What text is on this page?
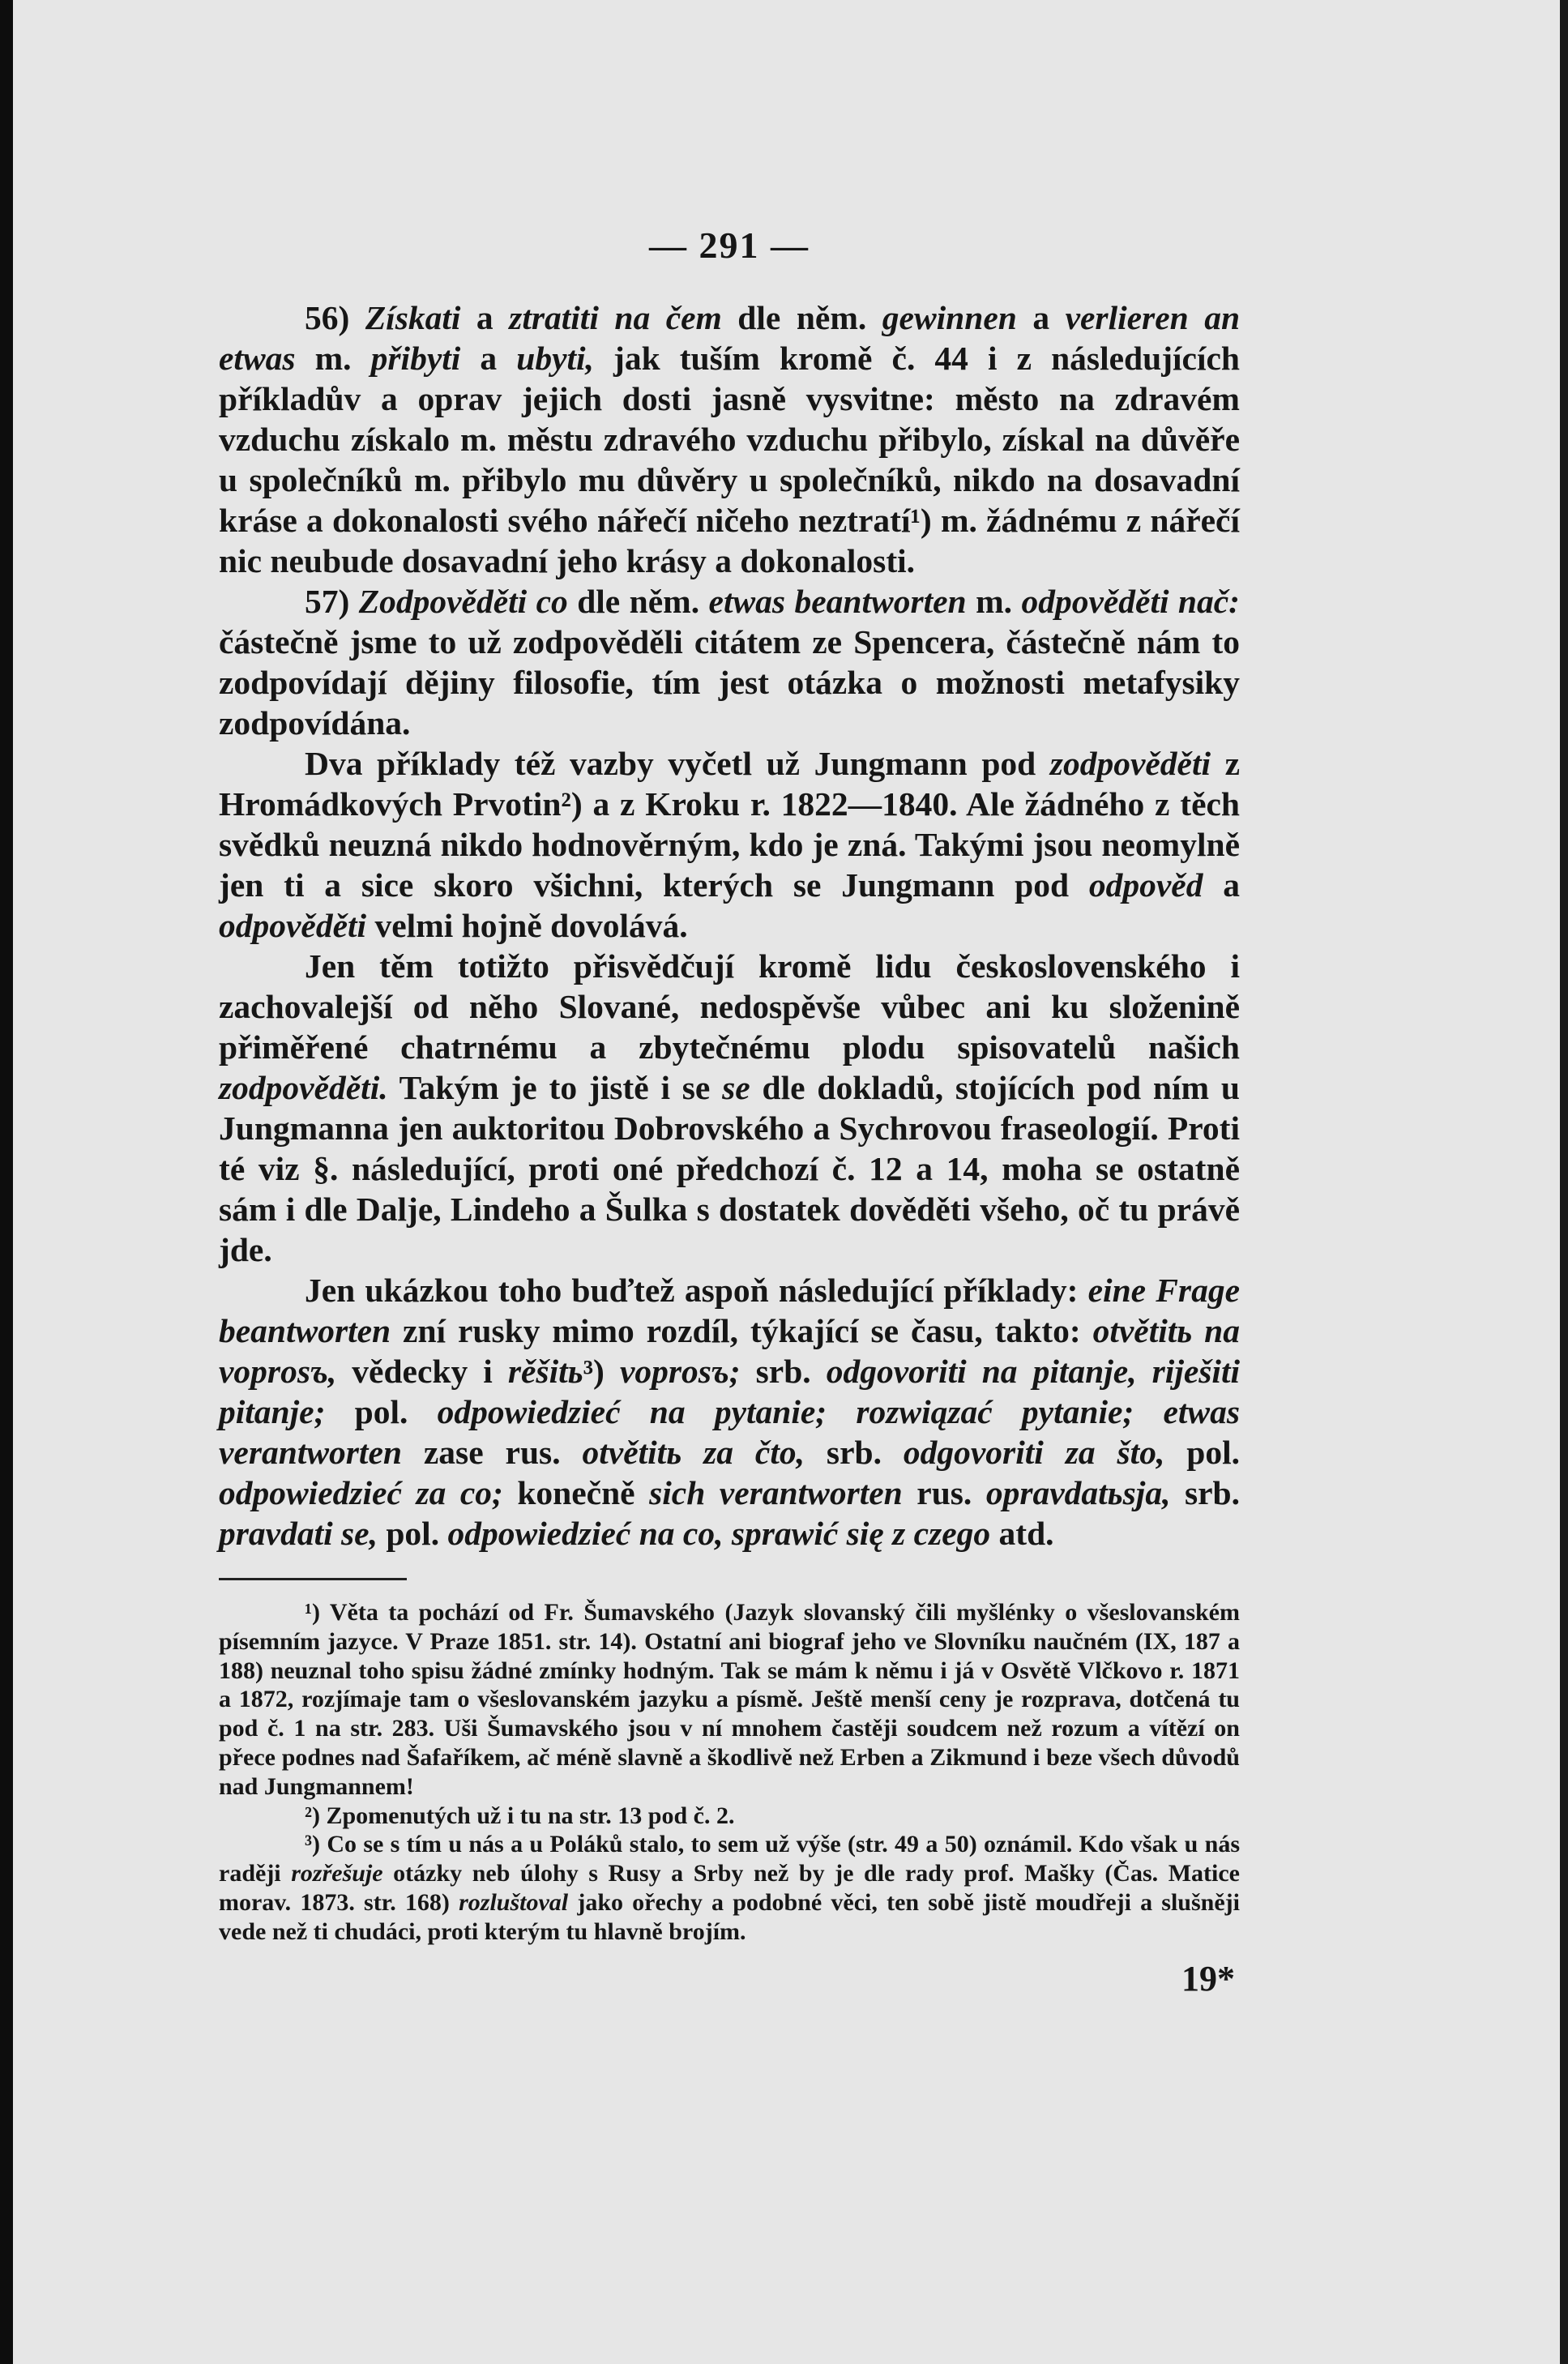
— 291 —

56) Získati a ztratiti na čem dle něm. gewinnen a verlieren an etwas m. přibyti a ubyti, jak tuším kromě č. 44 i z následujících příkladův a oprav jejich dosti jasně vysvitne: město na zdravém vzduchu získalo m. městu zdravého vzduchu přibylo, získal na důvěře u společníků m. přibylo mu důvěry u společníků, nikdo na dosavadní kráse a dokonalosti svého nářečí ničeho neztratí¹) m. žádnému z nářečí nic neubude dosavadní jeho krásy a dokonalosti.

57) Zodpověděti co dle něm. etwas beantworten m. odpověděti nač: částečně jsme to už zodpověděli citátem ze Spencera, částečně nám to zodpovídají dějiny filosofie, tím jest otázka o možnosti metafysiky zodpovídána.

Dva příklady též vazby vyčetl už Jungmann pod zodpověděti z Hromádkových Prvotin²) a z Kroku r. 1822—1840. Ale žádného z těch svědků neuzná nikdo hodnověrným, kdo je zná. Takými jsou neomylně jen ti a sice skoro všichni, kterých se Jungmann pod odpověd a odpověděti velmi hojně dovolává.

Jen těm totižto přisvědčují kromě lidu československého i zachovalejší od něho Slované, nedospěvše vůbec ani ku složenině přiměřené chatrnému a zbytečnému plodu spisovatelů našich zodpověděti. Takým je to jistě i se se dle dokladů, stojících pod ním u Jungmanna jen auktoritou Dobrovského a Sychrovou fraseologií. Proti té viz §. následující, proti oné předchozí č. 12 a 14, moha se ostatně sám i dle Dalje, Lindeho a Šulka s dostatek dověděti všeho, oč tu právě jde.

Jen ukázkou toho buďtež aspoň následující příklady: eine Frage beantworten zní rusky mimo rozdíl, týkající se času, takto: otvětitь na voprosъ, vědecky i rěšitь³) voprosъ; srb. odgovoriti na pitanje, riješiti pitanje; pol. odpowiedzieć na pytanie; rozwiązać pytanie; etwas verantworten zase rus. otvětitь za čto, srb. odgovoriti za što, pol. odpowiedzieć za co; konečně sich verantworten rus. opravdatьsja, srb. pravdati se, pol. odpowiedzieć na co, sprawić się z czego atd.

¹) Věta ta pochází od Fr. Šumavského (Jazyk slovanský čili myšlénky o všeslovanském písemním jazyce. V Praze 1851. str. 14). Ostatní ani biograf jeho ve Slovníku naučném (IX, 187 a 188) neuznal toho spisu žádné zmínky hodným. Tak se mám k němu i já v Osvětě Vlčkovo r. 1871 a 1872, rozjímaje tam o všeslovanském jazyku a písmě. Ještě menší ceny je rozprava, dotčená tu pod č. 1 na str. 283. Uši Šumavského jsou v ní mnohem častěji soudcem než rozum a vítězí on přece podnes nad Šafaříkem, ač méně slavně a škodlivě než Erben a Zikmund i beze všech důvodů nad Jungmannem!

²) Zpomenutých už i tu na str. 13 pod č. 2.

³) Co se s tím u nás a u Poláků stalo, to sem už výše (str. 49 a 50) oznámil. Kdo však u nás raději rozřešuje otázky neb úlohy s Rusy a Srby než by je dle rady prof. Mašky (Čas. Matice morav. 1873. str. 168) rozluštoval jako ořechy a podobné věci, ten sobě jistě moudřeji a slušněji vede než ti chudáci, proti kterým tu hlavně brojím.

19*
